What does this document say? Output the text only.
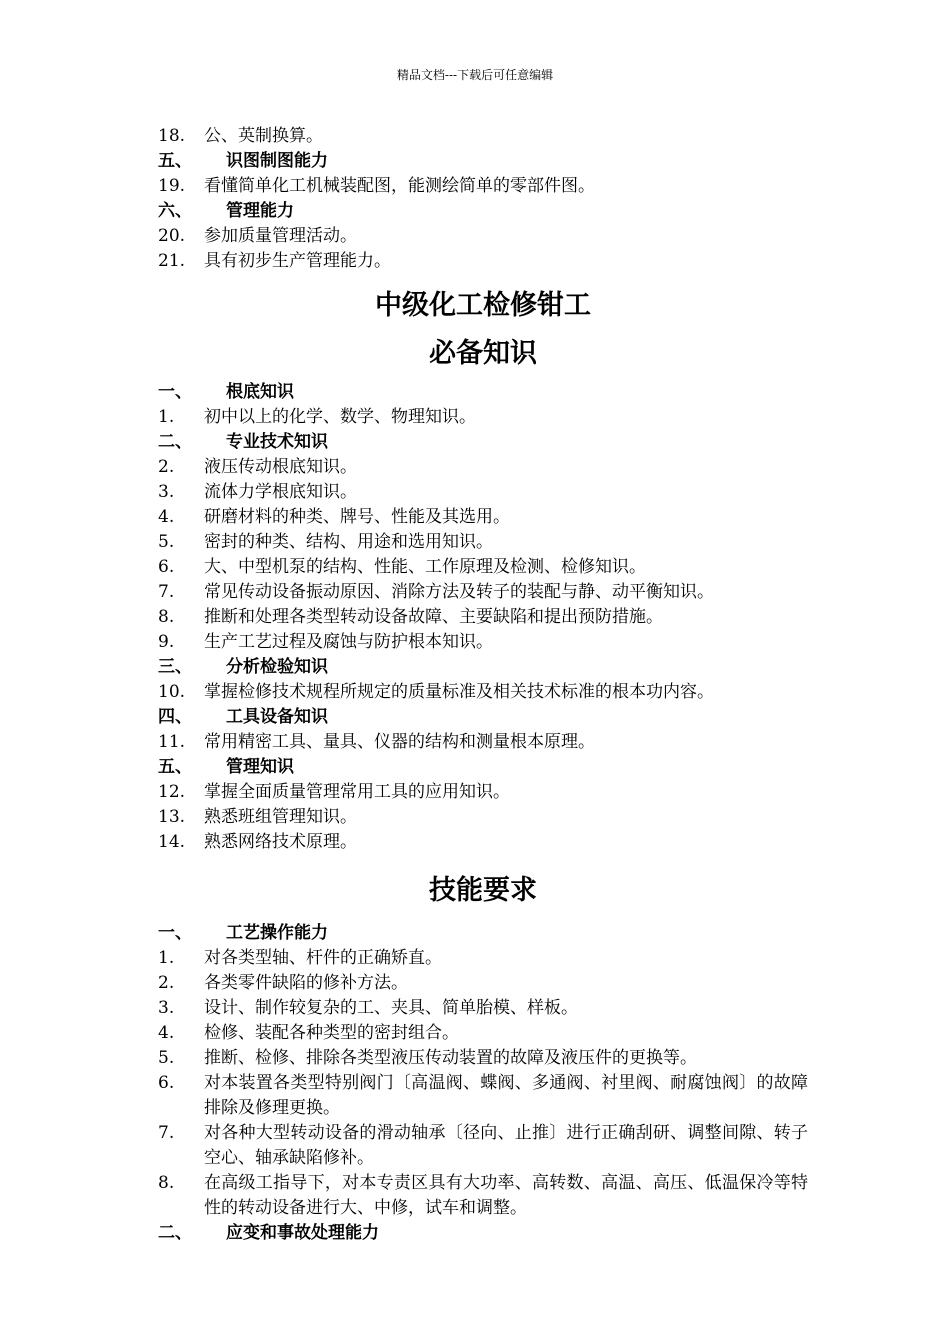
精品文档---下载后可任意编辑
18.	公、英制换算。
五、	识图制图能力
19.	看懂简单化工机械装配图，能测绘简单的零部件图。
六、	管理能力
20.	参加质量管理活动。
21.	具有初步生产管理能力。
中级化工检修钳工
必备知识
一、	根底知识
1.	初中以上的化学、数学、物理知识。
二、	专业技术知识
2.	液压传动根底知识。
3.	流体力学根底知识。
4.	研磨材料的种类、牌号、性能及其选用。
5.	密封的种类、结构、用途和选用知识。
6.	大、中型机泵的结构、性能、工作原理及检测、检修知识。
7.	常见传动设备振动原因、消除方法及转子的装配与静、动平衡知识。
8.	推断和处理各类型转动设备故障、主要缺陷和提出预防措施。
9.	生产工艺过程及腐蚀与防护根本知识。
三、	分析检验知识
10.	掌握检修技术规程所规定的质量标准及相关技术标准的根本功内容。
四、	工具设备知识
11.	常用精密工具、量具、仪器的结构和测量根本原理。
五、	管理知识
12.	掌握全面质量管理常用工具的应用知识。
13.	熟悉班组管理知识。
14.	熟悉网络技术原理。
技能要求
一、	工艺操作能力
1.	对各类型轴、杆件的正确矫直。
2.	各类零件缺陷的修补方法。
3.	设计、制作较复杂的工、夹具、简单胎模、样板。
4.	检修、装配各种类型的密封组合。
5.	推断、检修、排除各类型液压传动装置的故障及液压件的更换等。
6.	对本装置各类型特别阀门〔高温阀、蝶阀、多通阀、衬里阀、耐腐蚀阀〕的故障排除及修理更换。
7.	对各种大型转动设备的滑动轴承〔径向、止推〕进行正确刮研、调整间隙、转子空心、轴承缺陷修补。
8.	在高级工指导下，对本专责区具有大功率、高转数、高温、高压、低温保冷等特性的转动设备进行大、中修，试车和调整。
二、	应变和事故处理能力
